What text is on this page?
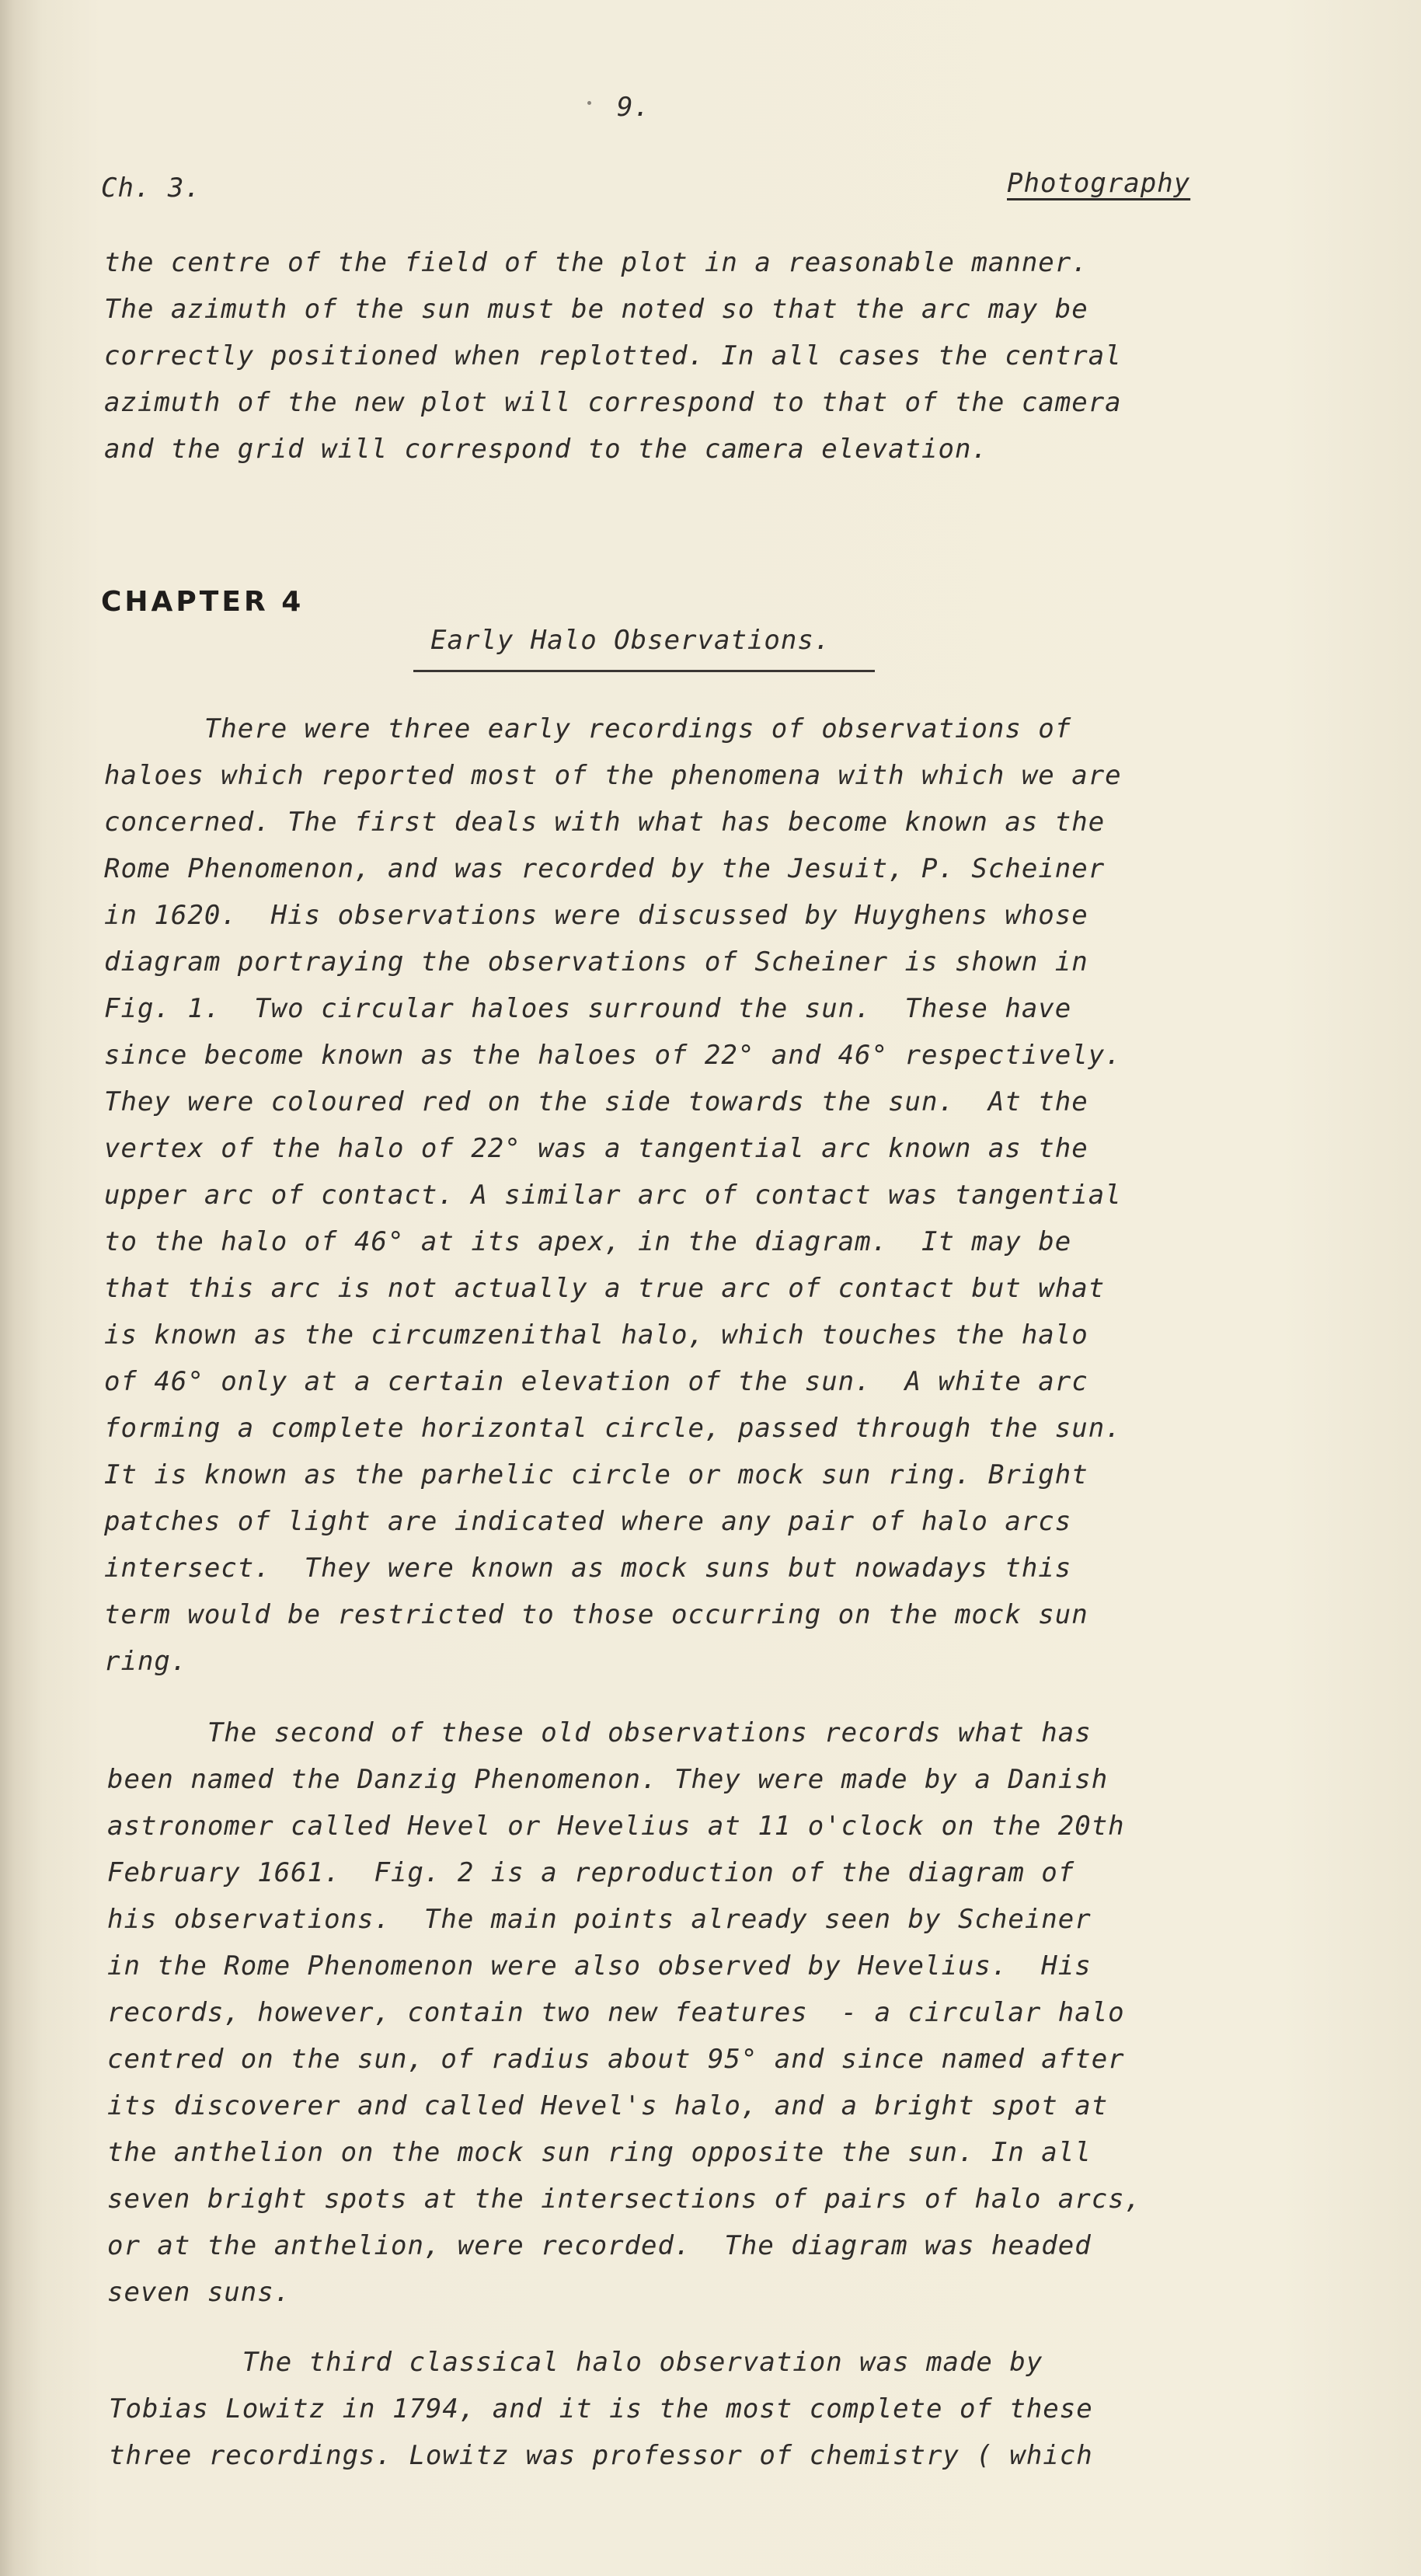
9.
Ch. 3.	Photography
the centre of the field of the plot in a reasonable manner.
The azimuth of the sun must be noted so that the arc may be
correctly positioned when replotted. In all cases the central
azimuth of the new plot will correspond to that of the camera
and the grid will correspond to the camera elevation.
CHAPTER 4
Early Halo Observations.
There were three early recordings of observations of
haloes which reported most of the phenomena with which we are
concerned. The first deals with what has become known as the
Rome Phenomenon, and was recorded by the Jesuit, P. Scheiner
in 1620.  His observations were discussed by Huyghens whose
diagram portraying the observations of Scheiner is shown in
Fig. 1.  Two circular haloes surround the sun.  These have
since become known as the haloes of 22° and 46° respectively.
They were coloured red on the side towards the sun.  At the
vertex of the halo of 22° was a tangential arc known as the
upper arc of contact. A similar arc of contact was tangential
to the halo of 46° at its apex, in the diagram.  It may be
that this arc is not actually a true arc of contact but what
is known as the circumzenithal halo, which touches the halo
of 46° only at a certain elevation of the sun.  A white arc
forming a complete horizontal circle, passed through the sun.
It is known as the parhelic circle or mock sun ring. Bright
patches of light are indicated where any pair of halo arcs
intersect.  They were known as mock suns but nowadays this
term would be restricted to those occurring on the mock sun
ring.
The second of these old observations records what has
been named the Danzig Phenomenon. They were made by a Danish
astronomer called Hevel or Hevelius at 11 o'clock on the 20th
February 1661.  Fig. 2 is a reproduction of the diagram of
his observations.  The main points already seen by Scheiner
in the Rome Phenomenon were also observed by Hevelius.  His
records, however, contain two new features  - a circular halo
centred on the sun, of radius about 95° and since named after
its discoverer and called Hevel's halo, and a bright spot at
the anthelion on the mock sun ring opposite the sun. In all
seven bright spots at the intersections of pairs of halo arcs,
or at the anthelion, were recorded.  The diagram was headed
seven suns.
The third classical halo observation was made by
Tobias Lowitz in 1794, and it is the most complete of these
three recordings. Lowitz was professor of chemistry ( which
